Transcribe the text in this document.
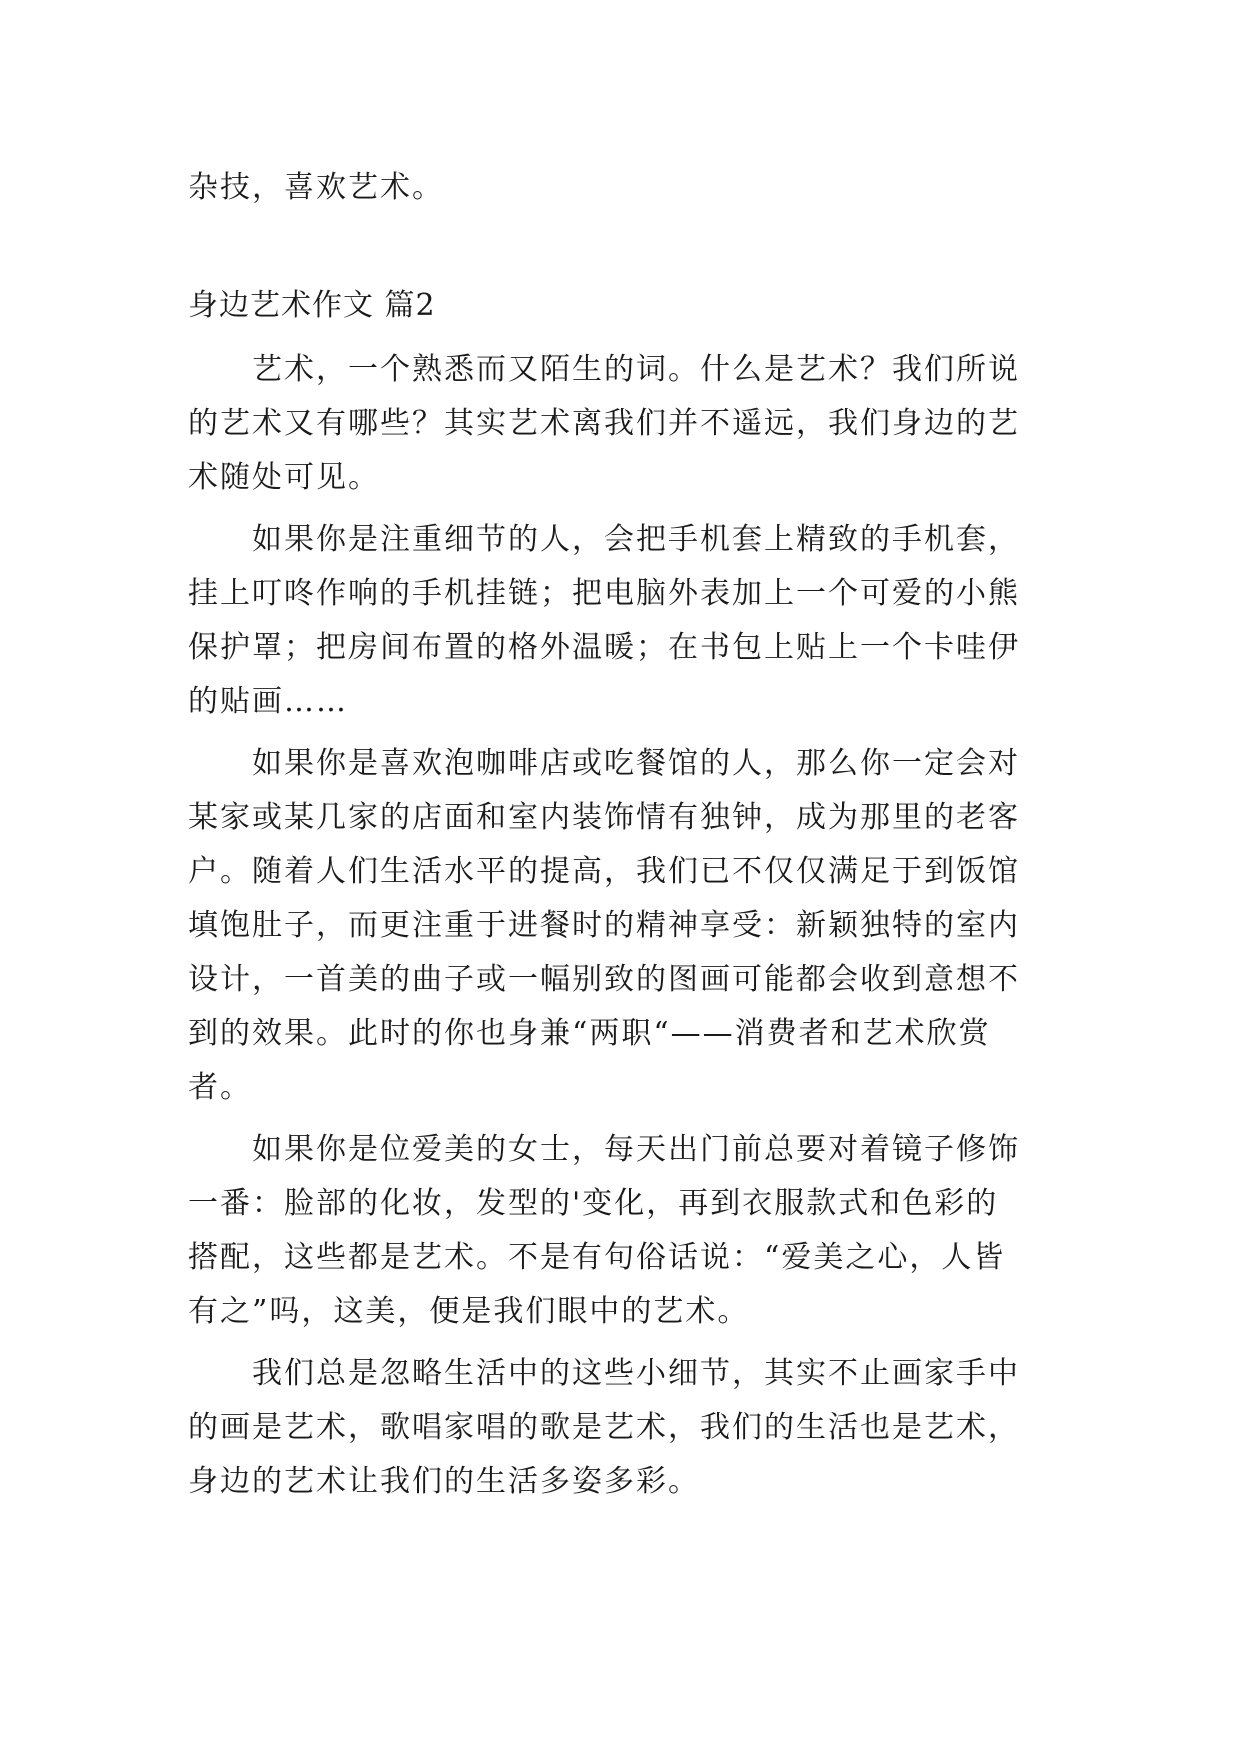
杂技，喜欢艺术。
身边艺术作文 篇2
艺术，一个熟悉而又陌生的词。什么是艺术？我们所说
的艺术又有哪些？其实艺术离我们并不遥远，我们身边的艺
术随处可见。
如果你是注重细节的人，会把手机套上精致的手机套，
挂上叮咚作响的手机挂链；把电脑外表加上一个可爱的小熊
保护罩；把房间布置的格外温暖；在书包上贴上一个卡哇伊
的贴画……
如果你是喜欢泡咖啡店或吃餐馆的人，那么你一定会对
某家或某几家的店面和室内装饰情有独钟，成为那里的老客
户。随着人们生活水平的提高，我们已不仅仅满足于到饭馆
填饱肚子，而更注重于进餐时的精神享受：新颖独特的室内
设计，一首美的曲子或一幅别致的图画可能都会收到意想不
到的效果。此时的你也身兼“两职“——消费者和艺术欣赏
者。
如果你是位爱美的女士，每天出门前总要对着镜子修饰
一番：脸部的化妆，发型的'变化，再到衣服款式和色彩的
搭配，这些都是艺术。不是有句俗话说：“爱美之心，人皆
有之”吗，这美，便是我们眼中的艺术。
我们总是忽略生活中的这些小细节，其实不止画家手中
的画是艺术，歌唱家唱的歌是艺术，我们的生活也是艺术，
身边的艺术让我们的生活多姿多彩。
